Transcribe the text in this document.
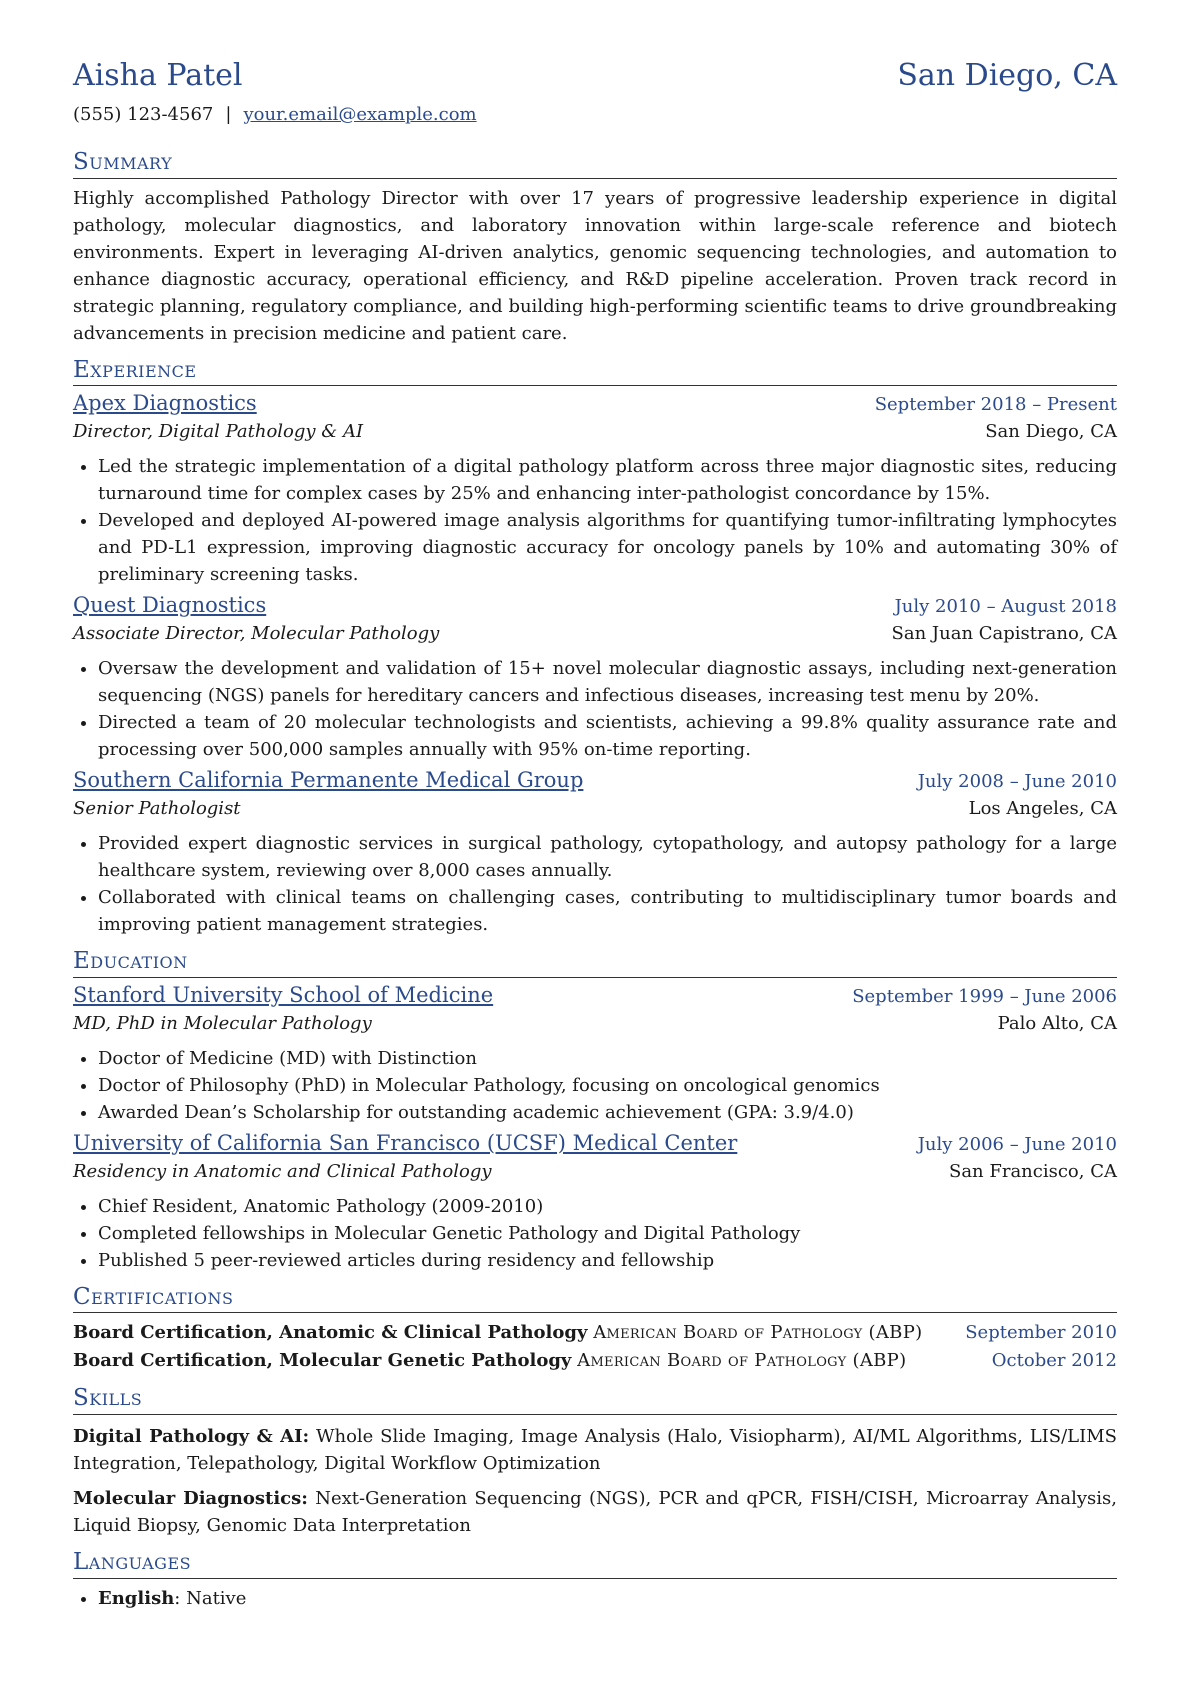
Aisha Patel	San Diego, CA
(555) 123-4567 | your.email@example.com
Summary
Highly accomplished Pathology Director with over 17 years of progressive leadership experience in digital pathology, molecular diagnostics, and laboratory innovation within large-scale reference and biotech environments. Expert in leveraging AI-driven analytics, genomic sequencing technologies, and automation to enhance diagnostic accuracy, operational efficiency, and R&D pipeline acceleration. Proven track record in strategic planning, regulatory compliance, and building high-performing scientific teams to drive groundbreaking advancements in precision medicine and patient care.
Experience
Apex Diagnostics	September 2018 – Present
Director, Digital Pathology & AI	San Diego, CA
• Led the strategic implementation of a digital pathology platform across three major diagnostic sites, reducing turnaround time for complex cases by 25% and enhancing inter-pathologist concordance by 15%.
• Developed and deployed AI-powered image analysis algorithms for quantifying tumor-infiltrating lymphocytes and PD-L1 expression, improving diagnostic accuracy for oncology panels by 10% and automating 30% of preliminary screening tasks.
Quest Diagnostics	July 2010 – August 2018
Associate Director, Molecular Pathology	San Juan Capistrano, CA
• Oversaw the development and validation of 15+ novel molecular diagnostic assays, including next-generation sequencing (NGS) panels for hereditary cancers and infectious diseases, increasing test menu by 20%.
• Directed a team of 20 molecular technologists and scientists, achieving a 99.8% quality assurance rate and processing over 500,000 samples annually with 95% on-time reporting.
Southern California Permanente Medical Group	July 2008 – June 2010
Senior Pathologist	Los Angeles, CA
• Provided expert diagnostic services in surgical pathology, cytopathology, and autopsy pathology for a large healthcare system, reviewing over 8,000 cases annually.
• Collaborated with clinical teams on challenging cases, contributing to multidisciplinary tumor boards and improving patient management strategies.
Education
Stanford University School of Medicine	September 1999 – June 2006
MD, PhD in Molecular Pathology	Palo Alto, CA
• Doctor of Medicine (MD) with Distinction
• Doctor of Philosophy (PhD) in Molecular Pathology, focusing on oncological genomics
• Awarded Dean’s Scholarship for outstanding academic achievement (GPA: 3.9/4.0)
University of California San Francisco (UCSF) Medical Center	July 2006 – June 2010
Residency in Anatomic and Clinical Pathology	San Francisco, CA
• Chief Resident, Anatomic Pathology (2009-2010)
• Completed fellowships in Molecular Genetic Pathology and Digital Pathology
• Published 5 peer-reviewed articles during residency and fellowship
Certifications
Board Certification, Anatomic & Clinical Pathology American Board of Pathology (ABP) September 2010
Board Certification, Molecular Genetic Pathology American Board of Pathology (ABP)	October 2012
Skills
Digital Pathology & AI: Whole Slide Imaging, Image Analysis (Halo, Visiopharm), AI/ML Algorithms, LIS/LIMS Integration, Telepathology, Digital Workflow Optimization
Molecular Diagnostics: Next-Generation Sequencing (NGS), PCR and qPCR, FISH/CISH, Microarray Analysis, Liquid Biopsy, Genomic Data Interpretation
Languages
• English: Native
